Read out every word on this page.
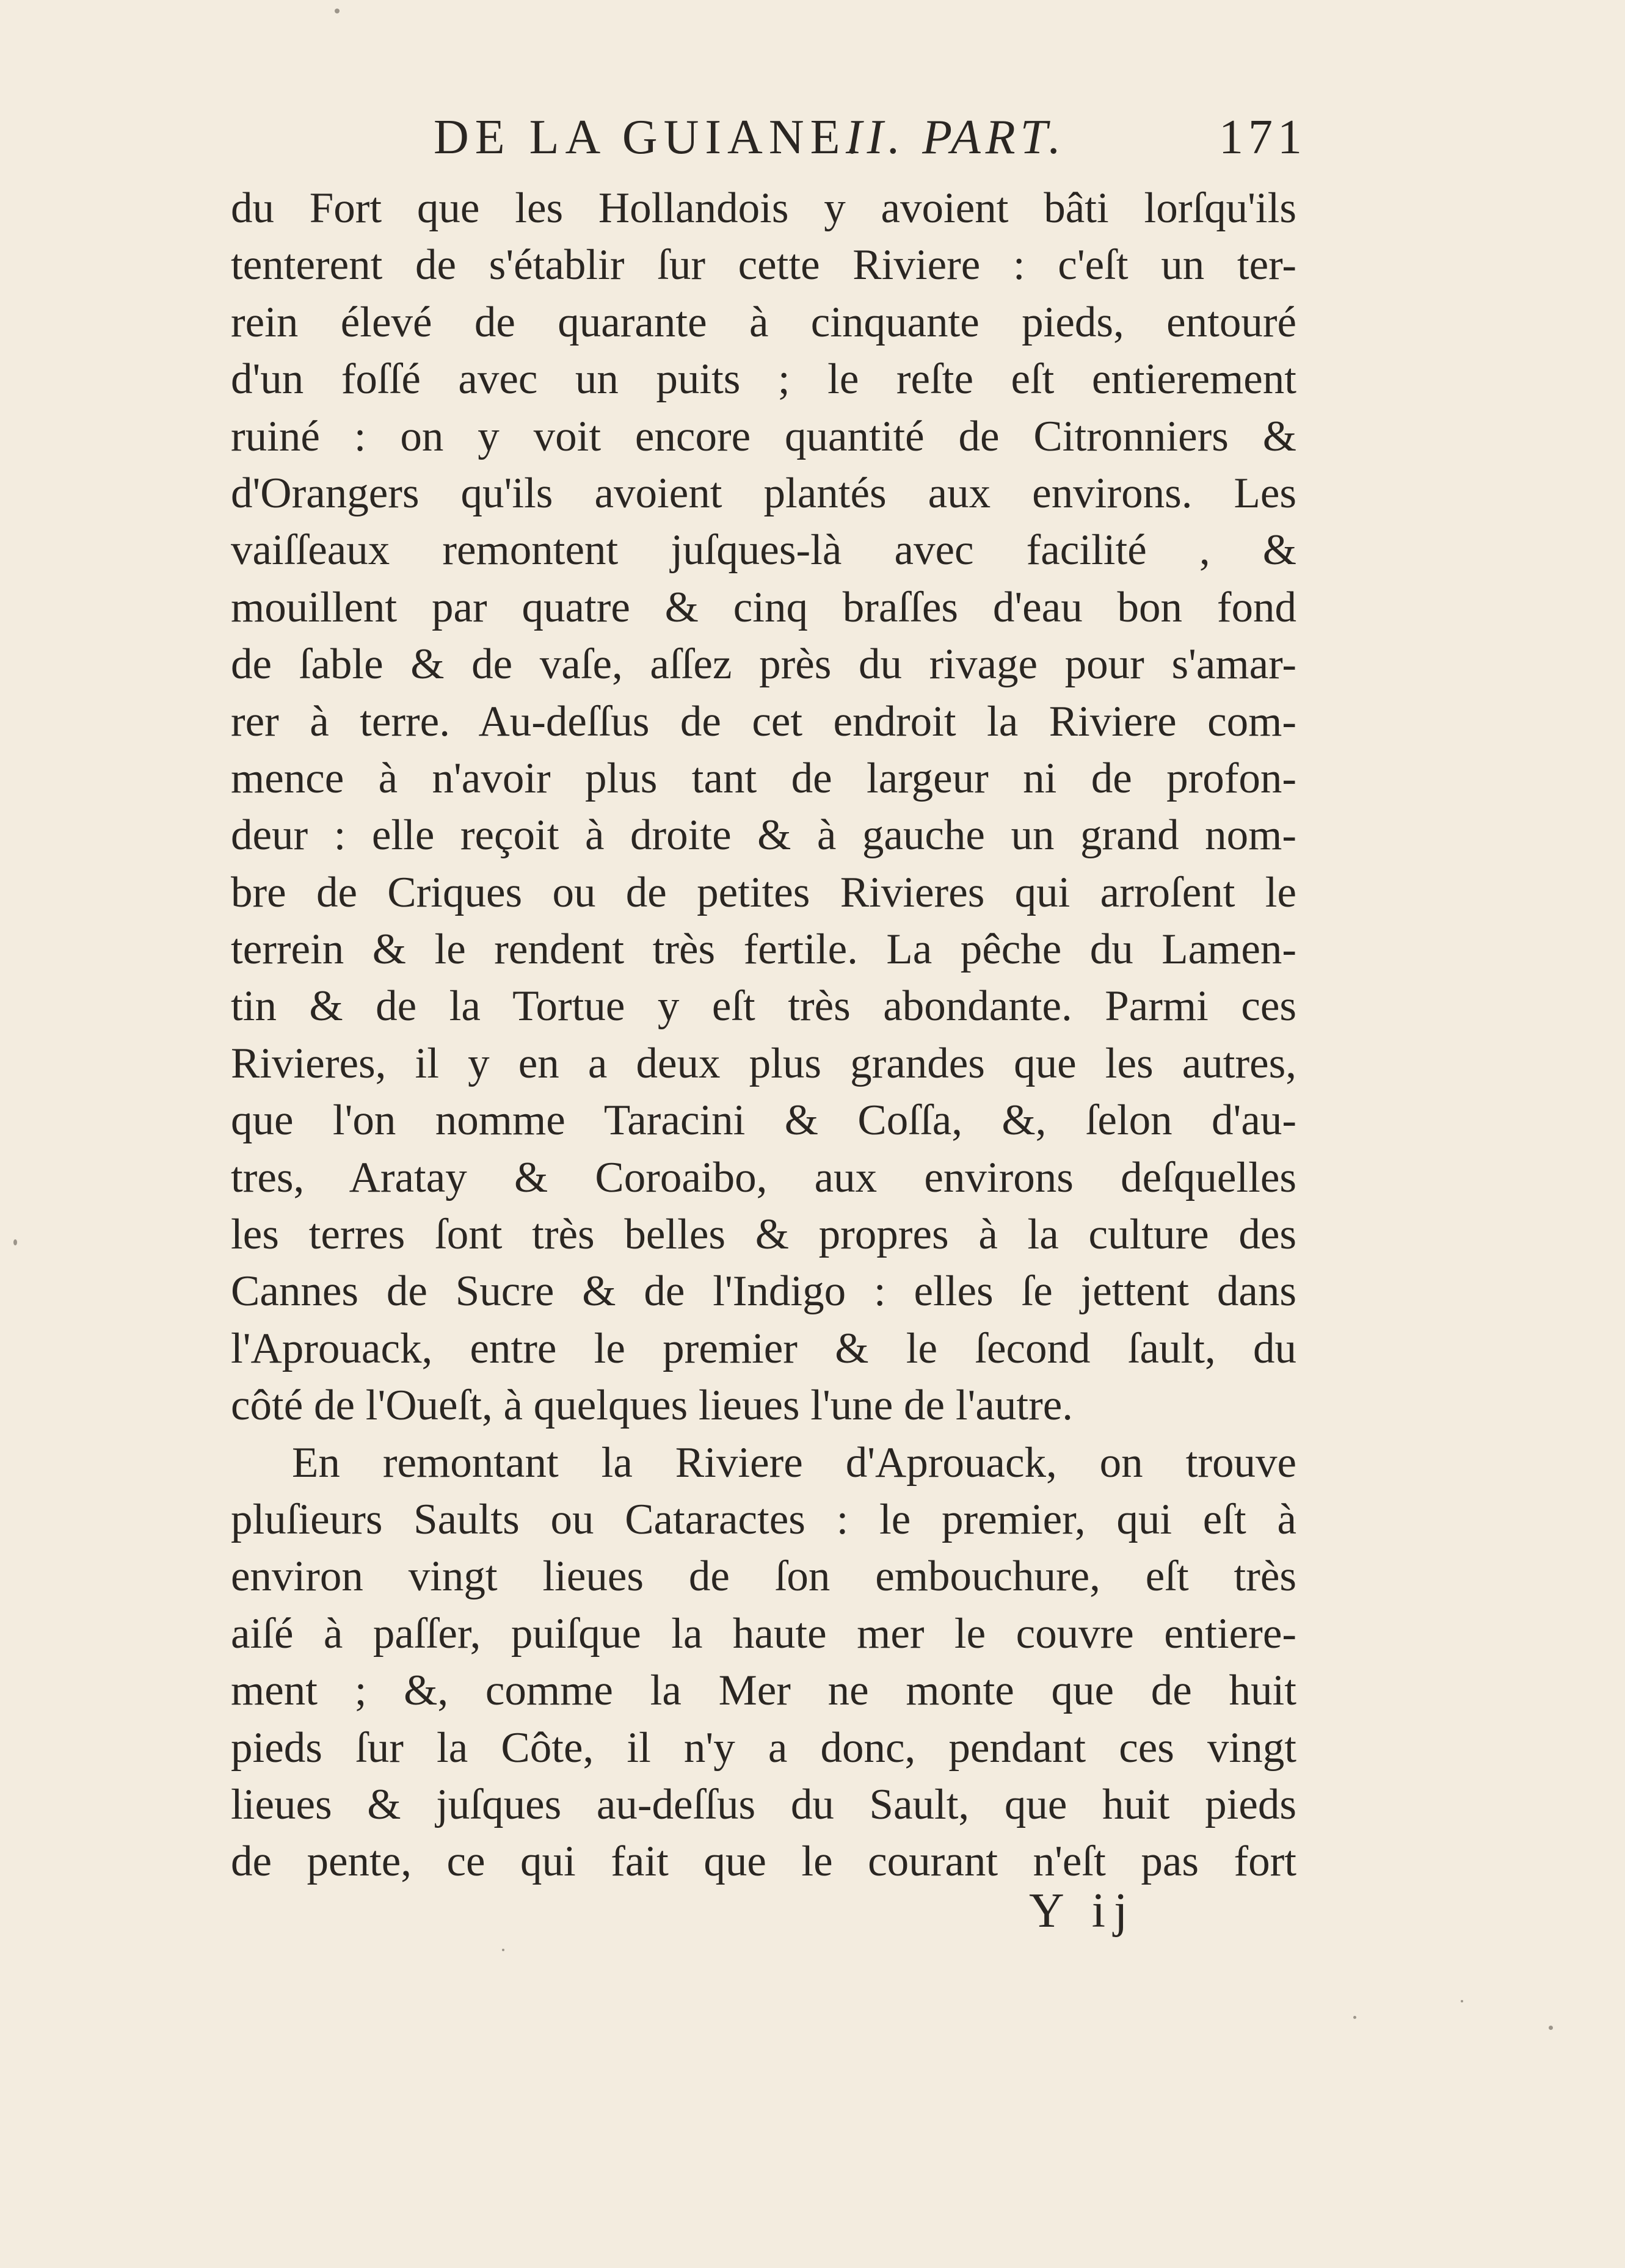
DE LA GUIANE.
II. PART.	171
du Fort que les Hollandois y avoient bâti lorſqu'ils
tenterent de s'établir ſur cette Riviere : c'eſt un ter-
rein élevé de quarante à cinquante pieds, entouré
d'un foſſé avec un puits ; le reſte eſt entierement
ruiné : on y voit encore quantité de Citronniers &
d'Orangers qu'ils avoient plantés aux environs. Les
vaiſſeaux remontent juſques-là avec facilité , &
mouillent par quatre & cinq braſſes d'eau bon fond
de ſable & de vaſe, aſſez près du rivage pour s'amar-
rer à terre. Au-deſſus de cet endroit la Riviere com-
mence à n'avoir plus tant de largeur ni de profon-
deur : elle reçoit à droite & à gauche un grand nom-
bre de Criques ou de petites Rivieres qui arroſent le
terrein & le rendent très fertile. La pêche du Lamen-
tin & de la Tortue y eſt très abondante. Parmi ces
Rivieres, il y en a deux plus grandes que les autres,
que l'on nomme Taracini & Coſſa, &, ſelon d'au-
tres, Aratay & Coroaibo, aux environs deſquelles
les terres ſont très belles & propres à la culture des
Cannes de Sucre & de l'Indigo : elles ſe jettent dans
l'Aprouack, entre le premier & le ſecond ſault, du
côté de l'Oueſt, à quelques lieues l'une de l'autre.
En remontant la Riviere d'Aprouack, on trouve
pluſieurs Saults ou Cataractes : le premier, qui eſt à
environ vingt lieues de ſon embouchure, eſt très
aiſé à paſſer, puiſque la haute mer le couvre entiere-
ment ; &, comme la Mer ne monte que de huit
pieds ſur la Côte, il n'y a donc, pendant ces vingt
lieues & juſques au-deſſus du Sault, que huit pieds
de pente, ce qui fait que le courant n'eſt pas fort
Y ij
